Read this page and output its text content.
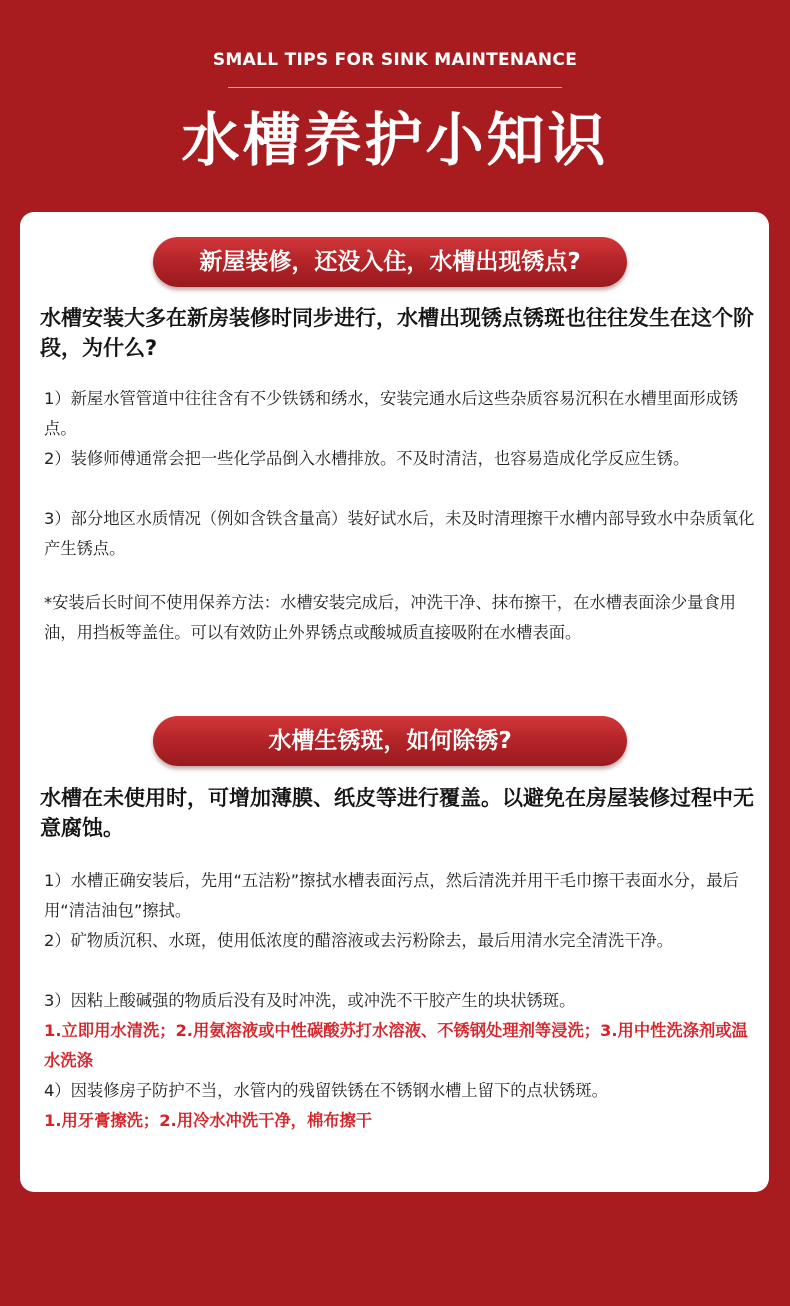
SMALL TIPS FOR SINK MAINTENANCE
水槽养护小知识
新屋装修，还没入住，水槽出现锈点?

水槽安装大多在新房装修时同步进行，水槽出现锈点锈斑也往往发生在这个阶段，为什么?

1）新屋水管管道中往往含有不少铁锈和绣水，安装完通水后这些杂质容易沉积在水槽里面形成锈点。

2）装修师傅通常会把一些化学品倒入水槽排放。不及时清洁，也容易造成化学反应生锈。

3）部分地区水质情况（例如含铁含量高）装好试水后，未及时清理擦干水槽内部导致水中杂质氧化产生锈点。

*安装后长时间不使用保养方法：水槽安装完成后，冲洗干净、抹布擦干，在水槽表面涂少量食用油，用挡板等盖住。可以有效防止外界锈点或酸城质直接吸附在水槽表面。

水槽生锈斑，如何除锈?

水槽在未使用时，可增加薄膜、纸皮等进行覆盖。以避免在房屋装修过程中无意腐蚀。

1）水槽正确安装后，先用“五洁粉”擦拭水槽表面污点，然后清洗并用干毛巾擦干表面水分，最后用“清洁油包”擦拭。

2）矿物质沉积、水斑，使用低浓度的醋溶液或去污粉除去，最后用清水完全清洗干净。

3）因粘上酸碱强的物质后没有及时冲洗，或冲洗不干胶产生的块状锈斑。

1.立即用水清洗；2.用氨溶液或中性碳酸苏打水溶液、不锈钢处理剂等浸洗；3.用中性洗涤剂或温水洗涤

4）因装修房子防护不当，水管内的残留铁锈在不锈钢水槽上留下的点状锈斑。

1.用牙膏擦洗；2.用冷水冲洗干净，棉布擦干
